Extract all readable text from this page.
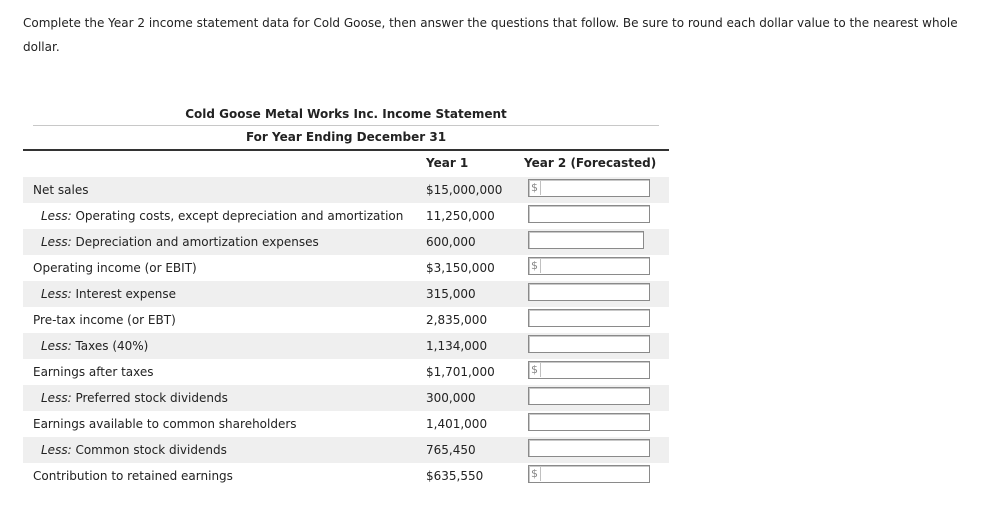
Complete the Year 2 income statement data for Cold Goose, then answer the questions that follow. Be sure to round each dollar value to the nearest whole dollar.
Cold Goose Metal Works Inc. Income Statement
For Year Ending December 31
Year 1	Year 2 (Forecasted)
Net sales	$15,000,000	$
Less: Operating costs, except depreciation and amortization 11,250,000
Less: Depreciation and amortization expenses	600,000
Operating income (or EBIT)	$3,150,000	$
Less: Interest expense	315,000
Pre-tax income (or EBT)	2,835,000
Less: Taxes (40%)	1,134,000
Earnings after taxes	$1,701,000	$
Less: Preferred stock dividends	300,000
Earnings available to common shareholders	1,401,000
Less: Common stock dividends	765,450
Contribution to retained earnings	$635,550	$
